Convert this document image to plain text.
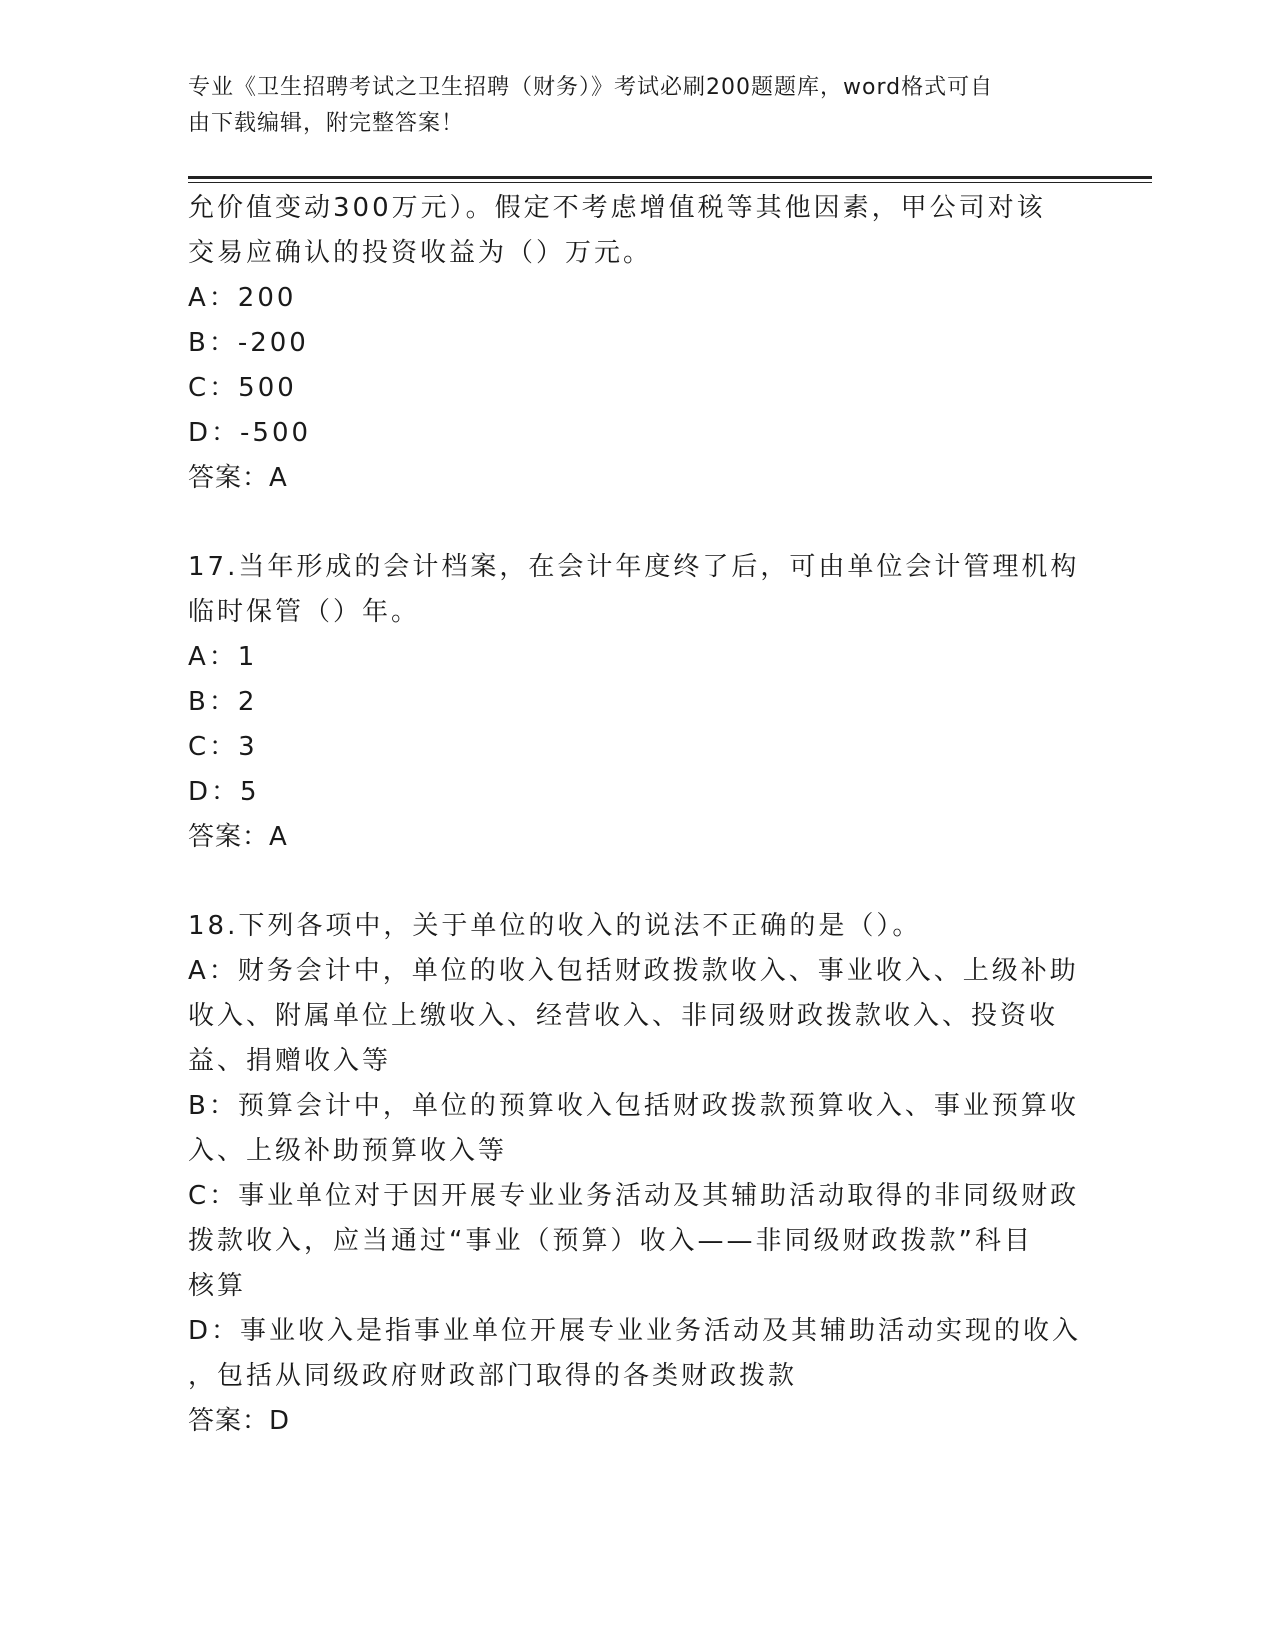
专业《卫生招聘考试之卫生招聘（财务）》考试必刷200题题库，word格式可自
由下载编辑，附完整答案！
允价值变动300万元）。假定不考虑增值税等其他因素，甲公司对该
交易应确认的投资收益为（）万元。
A：200
B：-200
C：500
D：-500
答案：A
17.当年形成的会计档案，在会计年度终了后，可由单位会计管理机构
临时保管（）年。
A：1
B：2
C：3
D：5
答案：A
18.下列各项中，关于单位的收入的说法不正确的是（）。
A：财务会计中，单位的收入包括财政拨款收入、事业收入、上级补助
收入、附属单位上缴收入、经营收入、非同级财政拨款收入、投资收
益、捐赠收入等
B：预算会计中，单位的预算收入包括财政拨款预算收入、事业预算收
入、上级补助预算收入等
C：事业单位对于因开展专业业务活动及其辅助活动取得的非同级财政
拨款收入，应当通过“事业（预算）收入——非同级财政拨款”科目
核算
D：事业收入是指事业单位开展专业业务活动及其辅助活动实现的收入
，包括从同级政府财政部门取得的各类财政拨款
答案：D
